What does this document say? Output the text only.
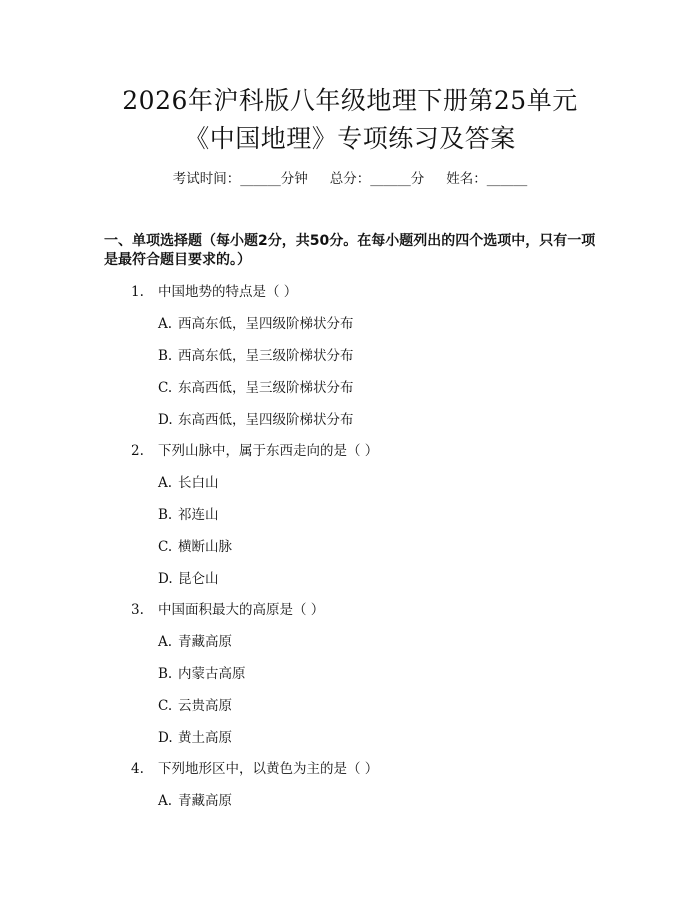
2026年沪科版八年级地理下册第25单元
《中国地理》专项练习及答案
考试时间：______分钟 总分：______分 姓名：______
一、单项选择题（每小题2分，共50分。在每小题列出的四个选项中，只有一项
是最符合题目要求的。）
1. 中国地势的特点是（ ）
A. 西高东低，呈四级阶梯状分布
B. 西高东低，呈三级阶梯状分布
C. 东高西低，呈三级阶梯状分布
D. 东高西低，呈四级阶梯状分布
2. 下列山脉中，属于东西走向的是（ ）
A. 长白山
B. 祁连山
C. 横断山脉
D. 昆仑山
3. 中国面积最大的高原是（ ）
A. 青藏高原
B. 内蒙古高原
C. 云贵高原
D. 黄土高原
4. 下列地形区中，以黄色为主的是（ ）
A. 青藏高原
